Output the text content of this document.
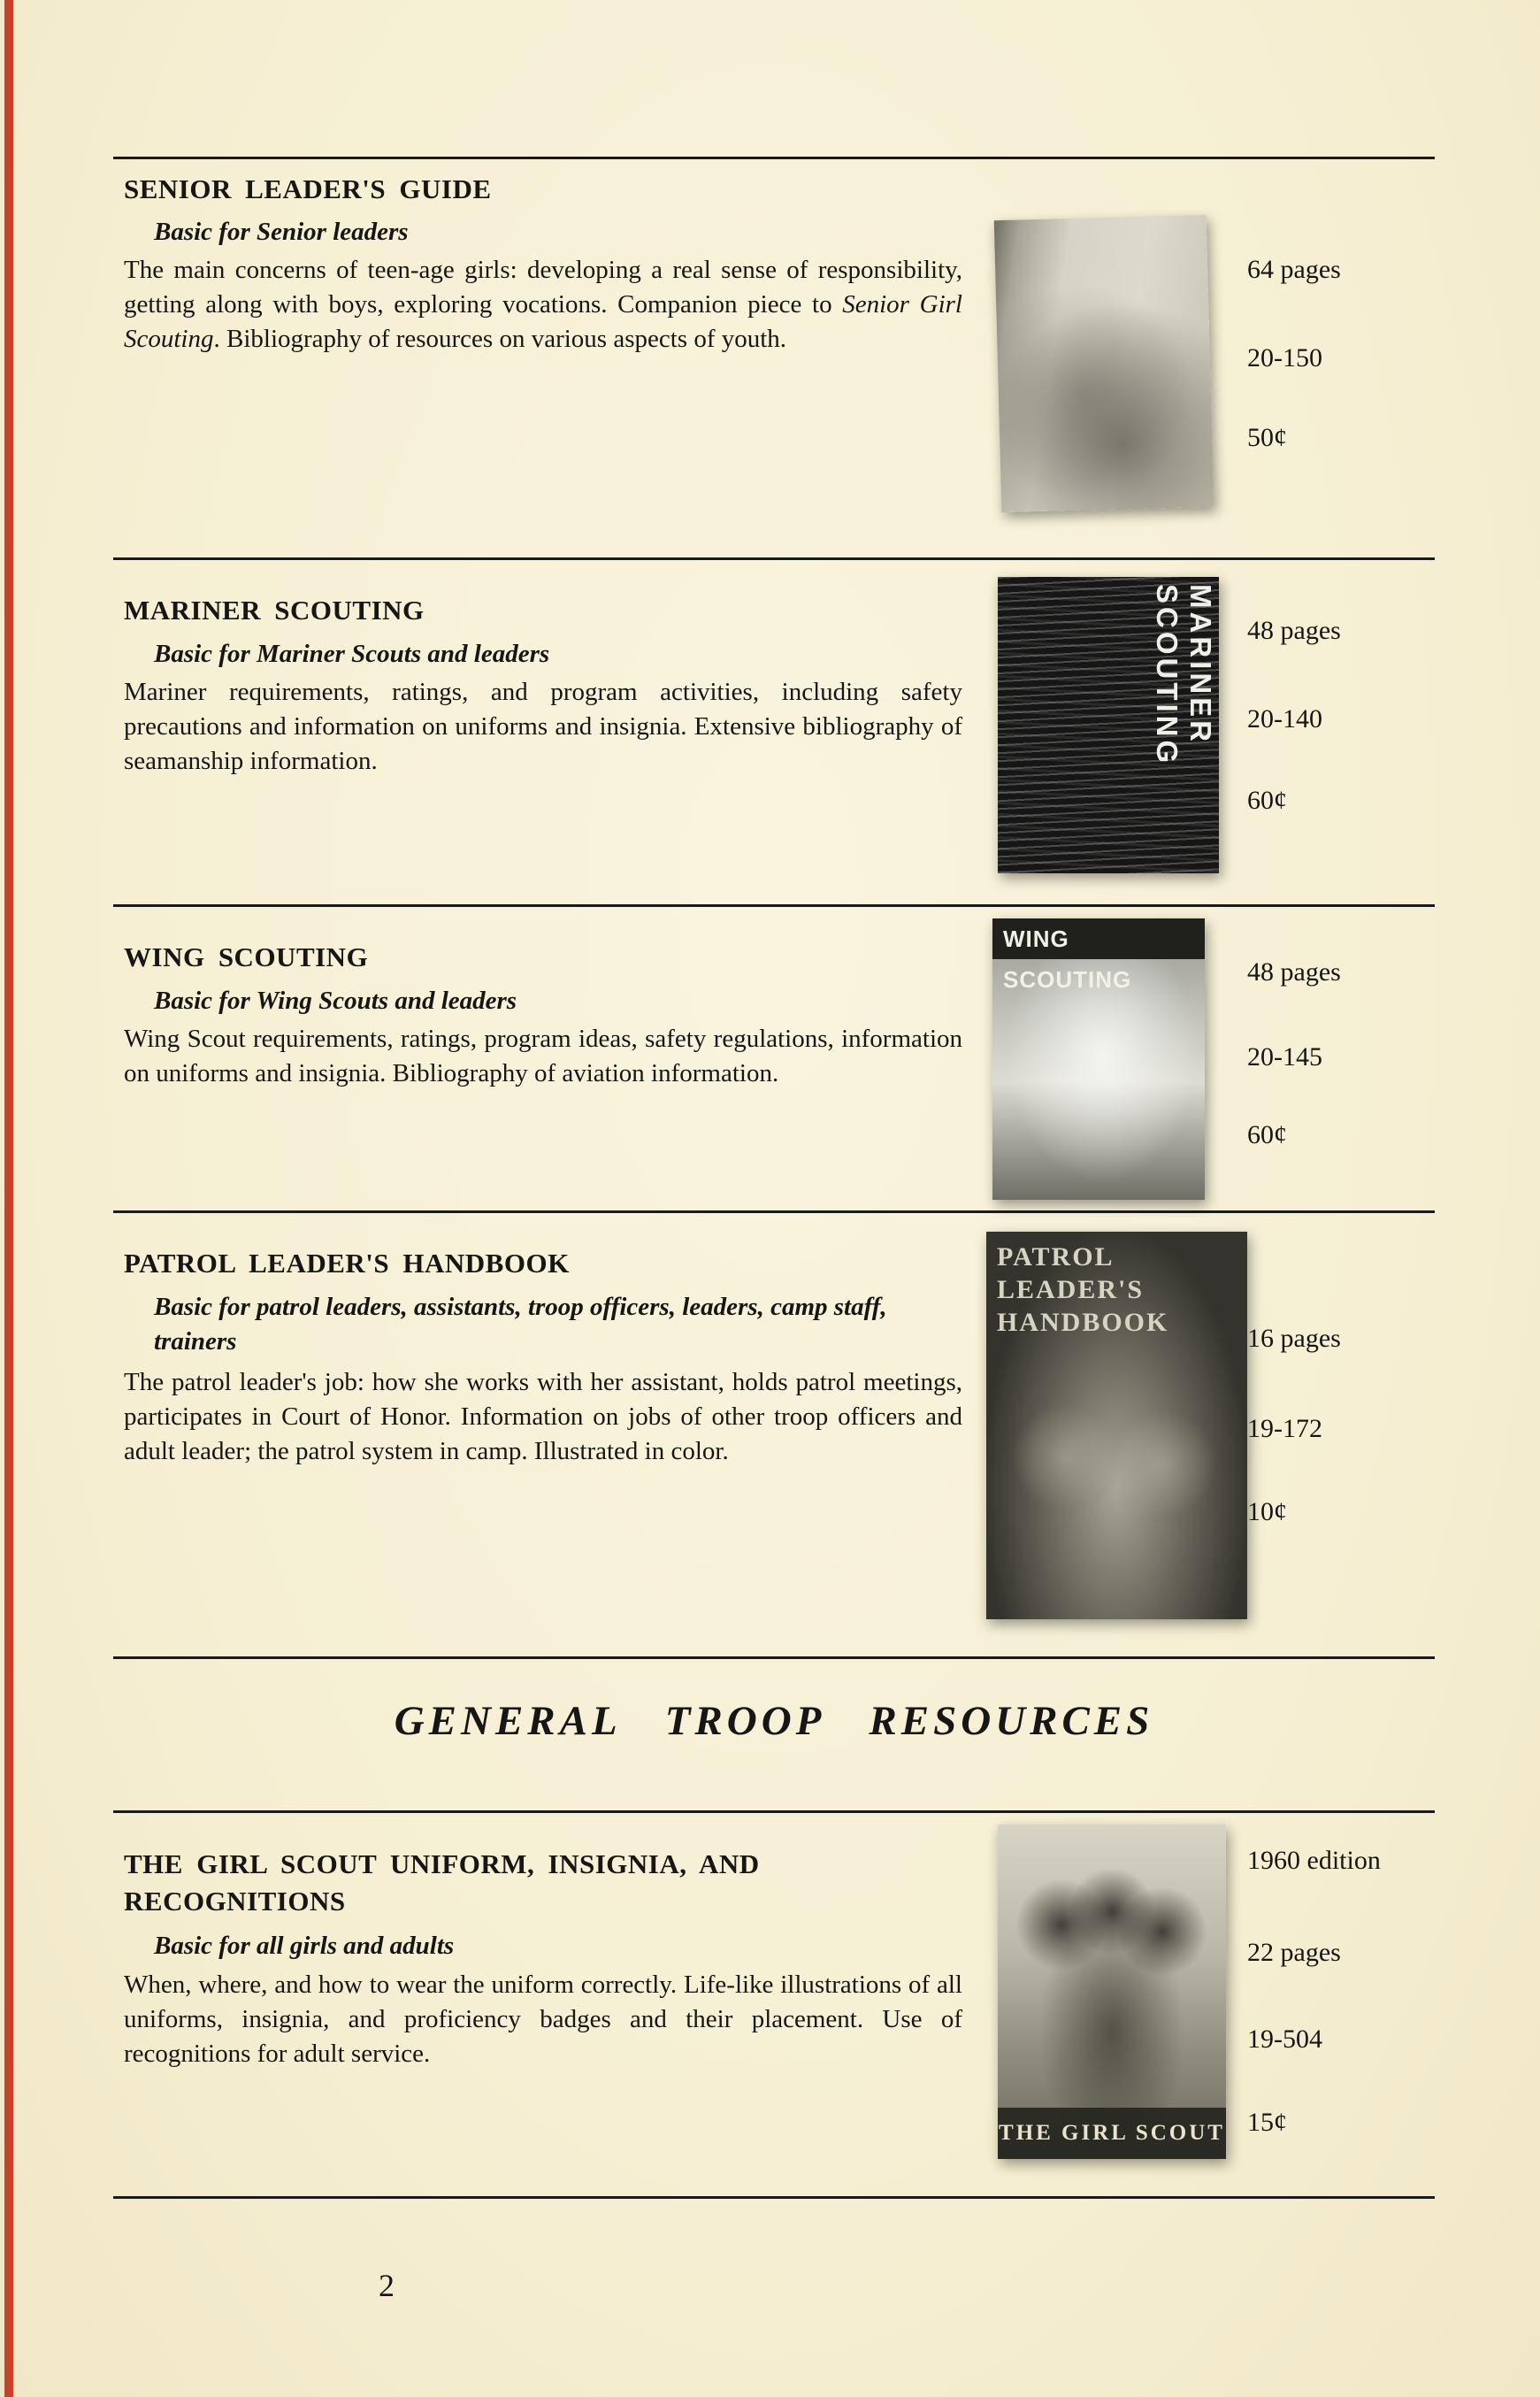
SENIOR LEADER'S GUIDE
Basic for Senior leaders
The main concerns of teen-age girls: developing a real sense of responsibility, getting along with boys, exploring vocations. Companion piece to Senior Girl Scouting. Bibliography of resources on various aspects of youth.
64 pages
20-150
50¢
MARINER SCOUTING
Basic for Mariner Scouts and leaders
Mariner requirements, ratings, and program activities, including safety precautions and information on uniforms and insignia. Extensive bibliography of seamanship information.
MARINER SCOUTING	48 pages
20-140
60¢
WING SCOUTING
Basic for Wing Scouts and leaders
Wing Scout requirements, ratings, program ideas, safety regulations, information on uniforms and insignia. Bibliography of aviation information.
WING SCOUTING	48 pages
20-145
60¢
PATROL LEADER'S HANDBOOK
Basic for patrol leaders, assistants, troop officers, leaders, camp staff, trainers
The patrol leader's job: how she works with her assistant, holds patrol meetings, participates in Court of Honor. Information on jobs of other troop officers and adult leader; the patrol system in camp. Illustrated in color.
PATROL LEADER'S HANDBOOK
16 pages
19-172
10¢
GENERAL TROOP RESOURCES
THE GIRL SCOUT UNIFORM, INSIGNIA, AND RECOGNITIONS
Basic for all girls and adults
When, where, and how to wear the uniform correctly. Life-like illustrations of all uniforms, insignia, and proficiency badges and their placement. Use of recognitions for adult service.
THE GIRL SCOUT
1960 edition
22 pages
19-504
15¢
2
